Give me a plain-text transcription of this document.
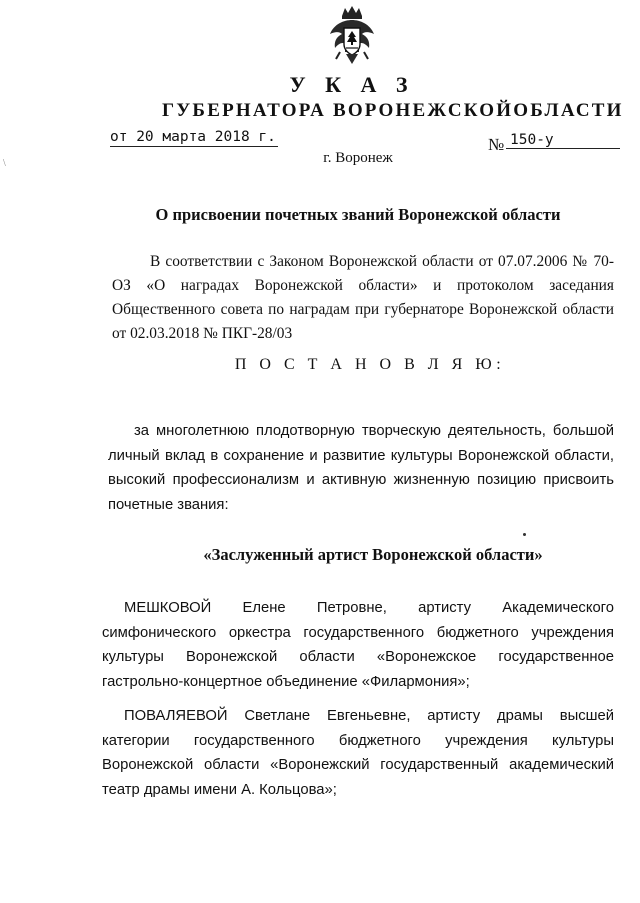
\
У К А З
ГУБЕРНАТОРА ВОРОНЕЖСКОЙОБЛАСТИ
от 20 марта 2018 г.	№ 150-у
г. Воронеж
О присвоении почетных званий Воронежской области
В соответствии с Законом Воронежской области от 07.07.2006 № 70-ОЗ «О наградах Воронежской области» и протоколом заседания Общественного совета по наградам при губернаторе Воронежской области от 02.03.2018 № ПКГ-28/03
П О С Т А Н О В Л Я Ю:
за многолетнюю плодотворную творческую деятельность, большой личный вклад в сохранение и развитие культуры Воронежской области, высокий профессионализм и активную жизненную позицию присвоить почетные звания:
«Заслуженный артист Воронежской области»
МЕШКОВОЙ Елене Петровне, артисту Академического симфонического оркестра государственного бюджетного учреждения культуры Воронежской области «Воронежское государственное гастрольно-концертное объединение «Филармония»;
ПОВАЛЯЕВОЙ Светлане Евгеньевне, артисту драмы высшей категории государственного бюджетного учреждения культуры Воронежской области «Воронежский государственный академический театр драмы имени А. Кольцова»;
